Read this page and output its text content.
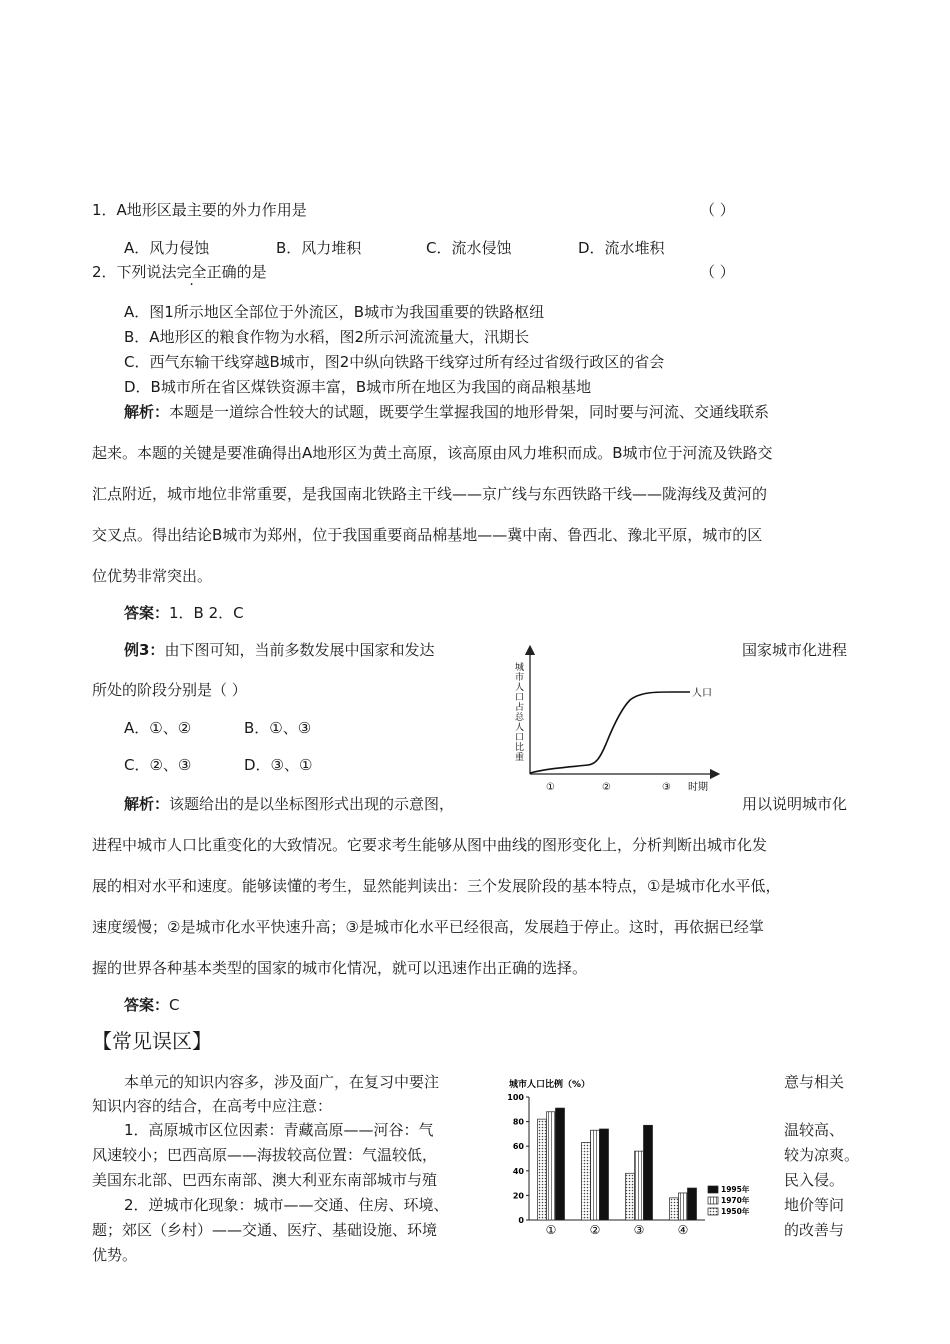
1．A地形区最主要的外力作用是	（ ）
A．风力侵蚀	B．风力堆积	C．流水侵蚀	D．流水堆积
2．下列说法完全正确的是	（ ）
A．图1所示地区全部位于外流区，B城市为我国重要的铁路枢纽
B．A地形区的粮食作物为水稻，图2所示河流流量大，汛期长
C．西气东输干线穿越B城市，图2中纵向铁路干线穿过所有经过省级行政区的省会
D．B城市所在省区煤铁资源丰富，B城市所在地区为我国的商品粮基地
解析：本题是一道综合性较大的试题，既要学生掌握我国的地形骨架，同时要与河流、交通线联系
起来。本题的关键是要准确得出A地形区为黄土高原，该高原由风力堆积而成。B城市位于河流及铁路交
汇点附近，城市地位非常重要，是我国南北铁路主干线——京广线与东西铁路干线——陇海线及黄河的
交叉点。得出结论B城市为郑州，位于我国重要商品棉基地——冀中南、鲁西北、豫北平原，城市的区
位优势非常突出。
答案：1．B 2．C
例3：由下图可知，当前多数发展中国家和发达	国家城市化进程
所处的阶段分别是（ ）
A．①、②	B．①、③
C．②、③	D．③、①
人口
城市人口占总人口比重
①	②	③ 时期
解析：该题给出的是以坐标图形式出现的示意图，	用以说明城市化
进程中城市人口比重变化的大致情况。它要求考生能够从图中曲线的图形变化上，分析判断出城市化发
展的相对水平和速度。能够读懂的考生，显然能判读出：三个发展阶段的基本特点，①是城市化水平低，
速度缓慢；②是城市化水平快速升高；③是城市化水平已经很高，发展趋于停止。这时，再依据已经掌
握的世界各种基本类型的国家的城市化情况，就可以迅速作出正确的选择。
答案：C
【常见误区】
本单元的知识内容多，涉及面广，在复习中要注	意与相关
知识内容的结合，在高考中应注意：
1．高原城市区位因素：青藏高原——河谷：气	温较高、
风速较小；巴西高原——海拔较高位置：气温较低，	较为凉爽。
美国东北部、巴西东南部、澳大利亚东南部城市与殖	民入侵。
2．逆城市化现象：城市——交通、住房、环境、	地价等问
题；郊区（乡村）——交通、医疗、基础设施、环境	的改善与
优势。
城市人口比例（%）
0
20
40
60
80
100
①	②	③	④
1995年
1970年
1950年
